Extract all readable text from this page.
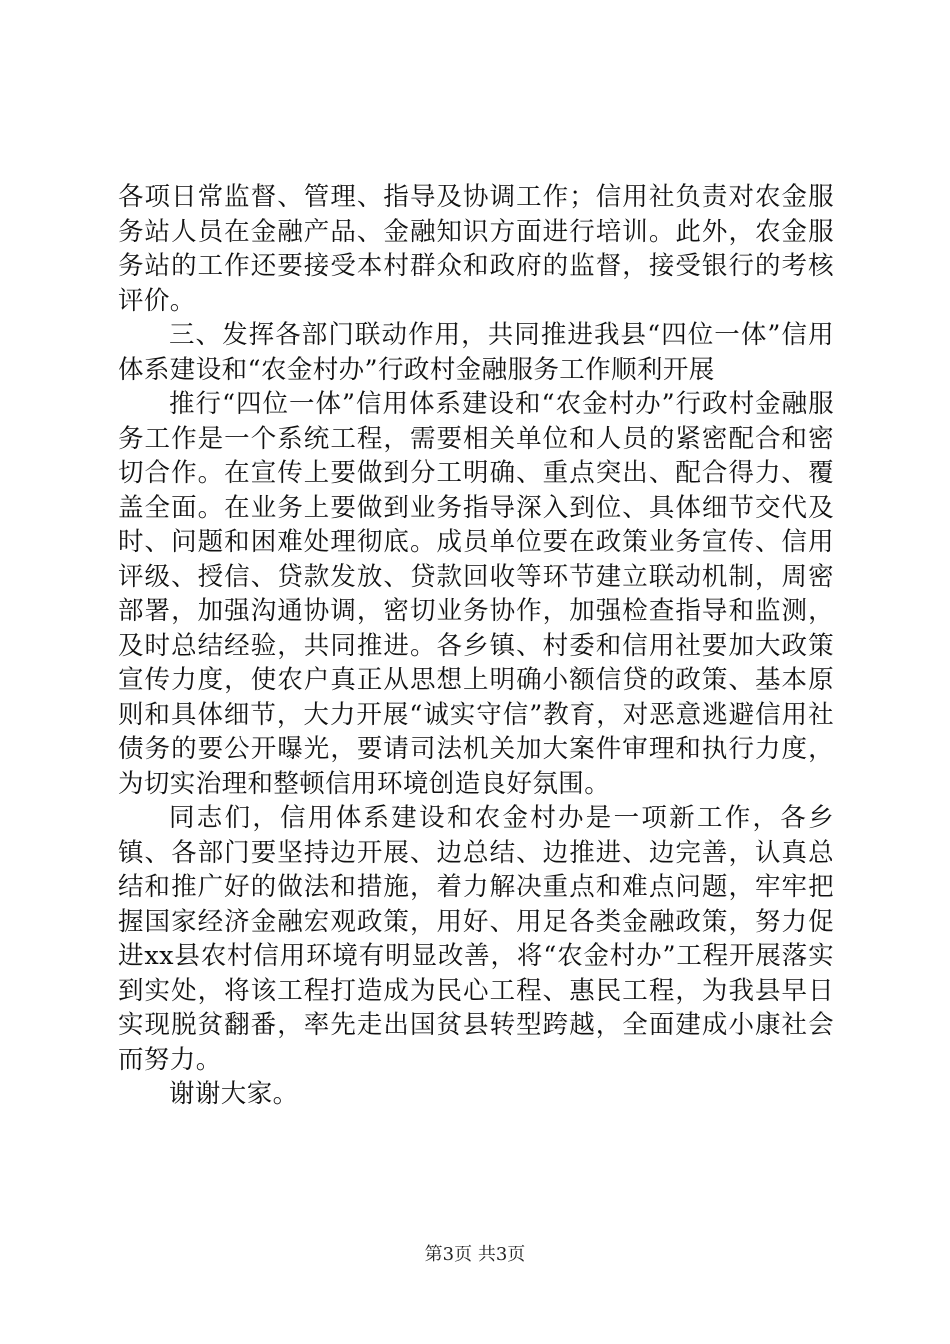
各项日常监督、管理、指导及协调工作；信用社负责对农金服务站人员在金融产品、金融知识方面进行培训。此外，农金服务站的工作还要接受本村群众和政府的监督，接受银行的考核评价。

三、发挥各部门联动作用，共同推进我县“四位一体”信用体系建设和“农金村办”行政村金融服务工作顺利开展

推行“四位一体”信用体系建设和“农金村办”行政村金融服务工作是一个系统工程，需要相关单位和人员的紧密配合和密切合作。在宣传上要做到分工明确、重点突出、配合得力、覆盖全面。在业务上要做到业务指导深入到位、具体细节交代及时、问题和困难处理彻底。成员单位要在政策业务宣传、信用评级、授信、贷款发放、贷款回收等环节建立联动机制，周密部署，加强沟通协调，密切业务协作，加强检查指导和监测，及时总结经验，共同推进。各乡镇、村委和信用社要加大政策宣传力度，使农户真正从思想上明确小额信贷的政策、基本原则和具体细节，大力开展“诚实守信”教育，对恶意逃避信用社债务的要公开曝光，要请司法机关加大案件审理和执行力度，为切实治理和整顿信用环境创造良好氛围。

同志们，信用体系建设和农金村办是一项新工作，各乡镇、各部门要坚持边开展、边总结、边推进、边完善，认真总结和推广好的做法和措施，着力解决重点和难点问题，牢牢把握国家经济金融宏观政策，用好、用足各类金融政策，努力促进xx县农村信用环境有明显改善，将“农金村办”工程开展落实到实处，将该工程打造成为民心工程、惠民工程，为我县早日实现脱贫翻番，率先走出国贫县转型跨越，全面建成小康社会而努力。

谢谢大家。

第3页 共3页
